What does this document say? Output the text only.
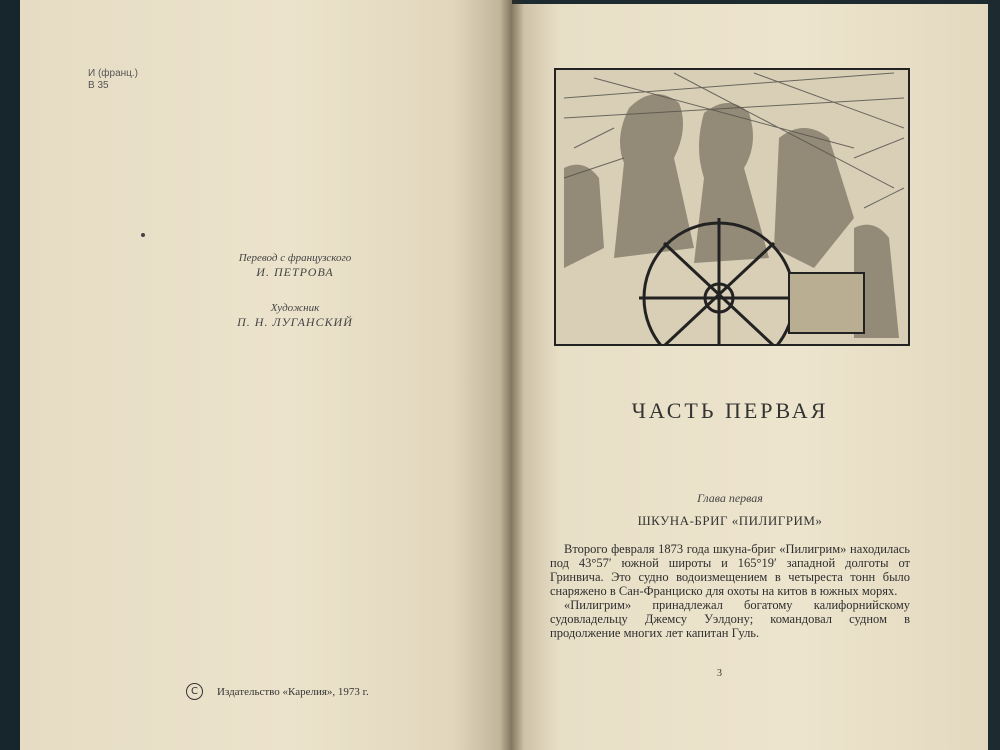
И (франц.)
В 35
Перевод с французского
И. ПЕТРОВА
Художник
П. Н. ЛУГАНСКИЙ
C	Издательство «Карелия», 1973 г.
ЧАСТЬ ПЕРВАЯ
Глава первая
ШКУНА-БРИГ «ПИЛИГРИМ»

Второго февраля 1873 года шкуна-бриг «Пилигрим» находилась под 43°57′ южной широты и 165°19′ западной долготы от Гринвича. Это судно водоизмещением в четыреста тонн было снаряжено в Сан-Франциско для охоты на китов в южных морях.

«Пилигрим» принадлежал богатому калифорнийскому судовладельцу Джемсу Уэлдону; командовал судном в продолжение многих лет капитан Гуль.

3
